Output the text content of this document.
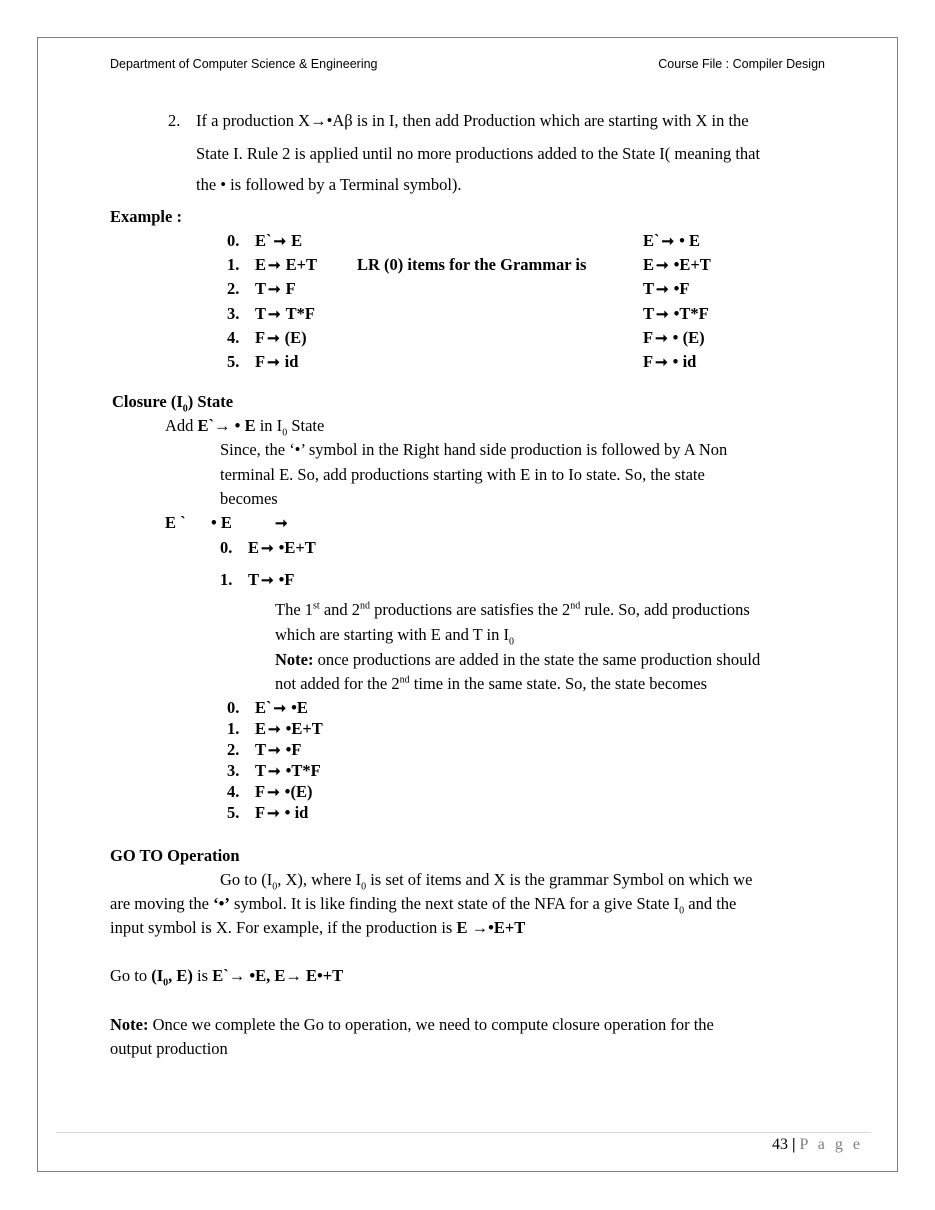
Department of Computer Science & Engineering	Course File : Compiler Design
2. If a production X→•Aβ is in I, then add Production which are starting with X in the
State I. Rule 2 is applied until no more productions added to the State I( meaning that
the • is followed by a Terminal symbol).
Example :
0. E` ➞ E
1. E ➞ E+T
2. T ➞ F
3. T ➞ T*F
4. F ➞ (E)
5. F ➞ id
LR (0) items for the Grammar is
E` ➞ • E
E ➞ •E+T
T ➞ •F
T ➞ •T*F
F ➞ • (E)
F ➞ • id
Closure $(I_0)$ State
Add E`→ • E in $I_0$ State
Since, the ‘•’ symbol in the Right hand side production is followed by A Non
terminal E. So, add productions starting with E in to Io state. So, the state
becomes
E ` • E	➞
0. E ➞ •E+T
1. T ➞ •F
The 1st and 2nd productions are satisfies the 2nd rule. So, add productions
which are starting with E and T in $I_0$
Note: once productions are added in the state the same production should
not added for the 2nd time in the same state. So, the state becomes
0. E` ➞ •E
1. E ➞ •E+T
2. T ➞ •F
3. T ➞ •T*F
4. F ➞ •(E)
5. F ➞ • id
GO TO Operation
Go to ($I_0$, X), where $I_0$ is set of items and X is the grammar Symbol on which we
are moving the ‘•’ symbol. It is like finding the next state of the NFA for a give State $I_0$ and the
input symbol is X. For example, if the production is E →•E+T
Go to ($I_0$, E) is E`→ •E, E→ E•+T
Note: Once we complete the Go to operation, we need to compute closure operation for the
output production
43 | P a g e
